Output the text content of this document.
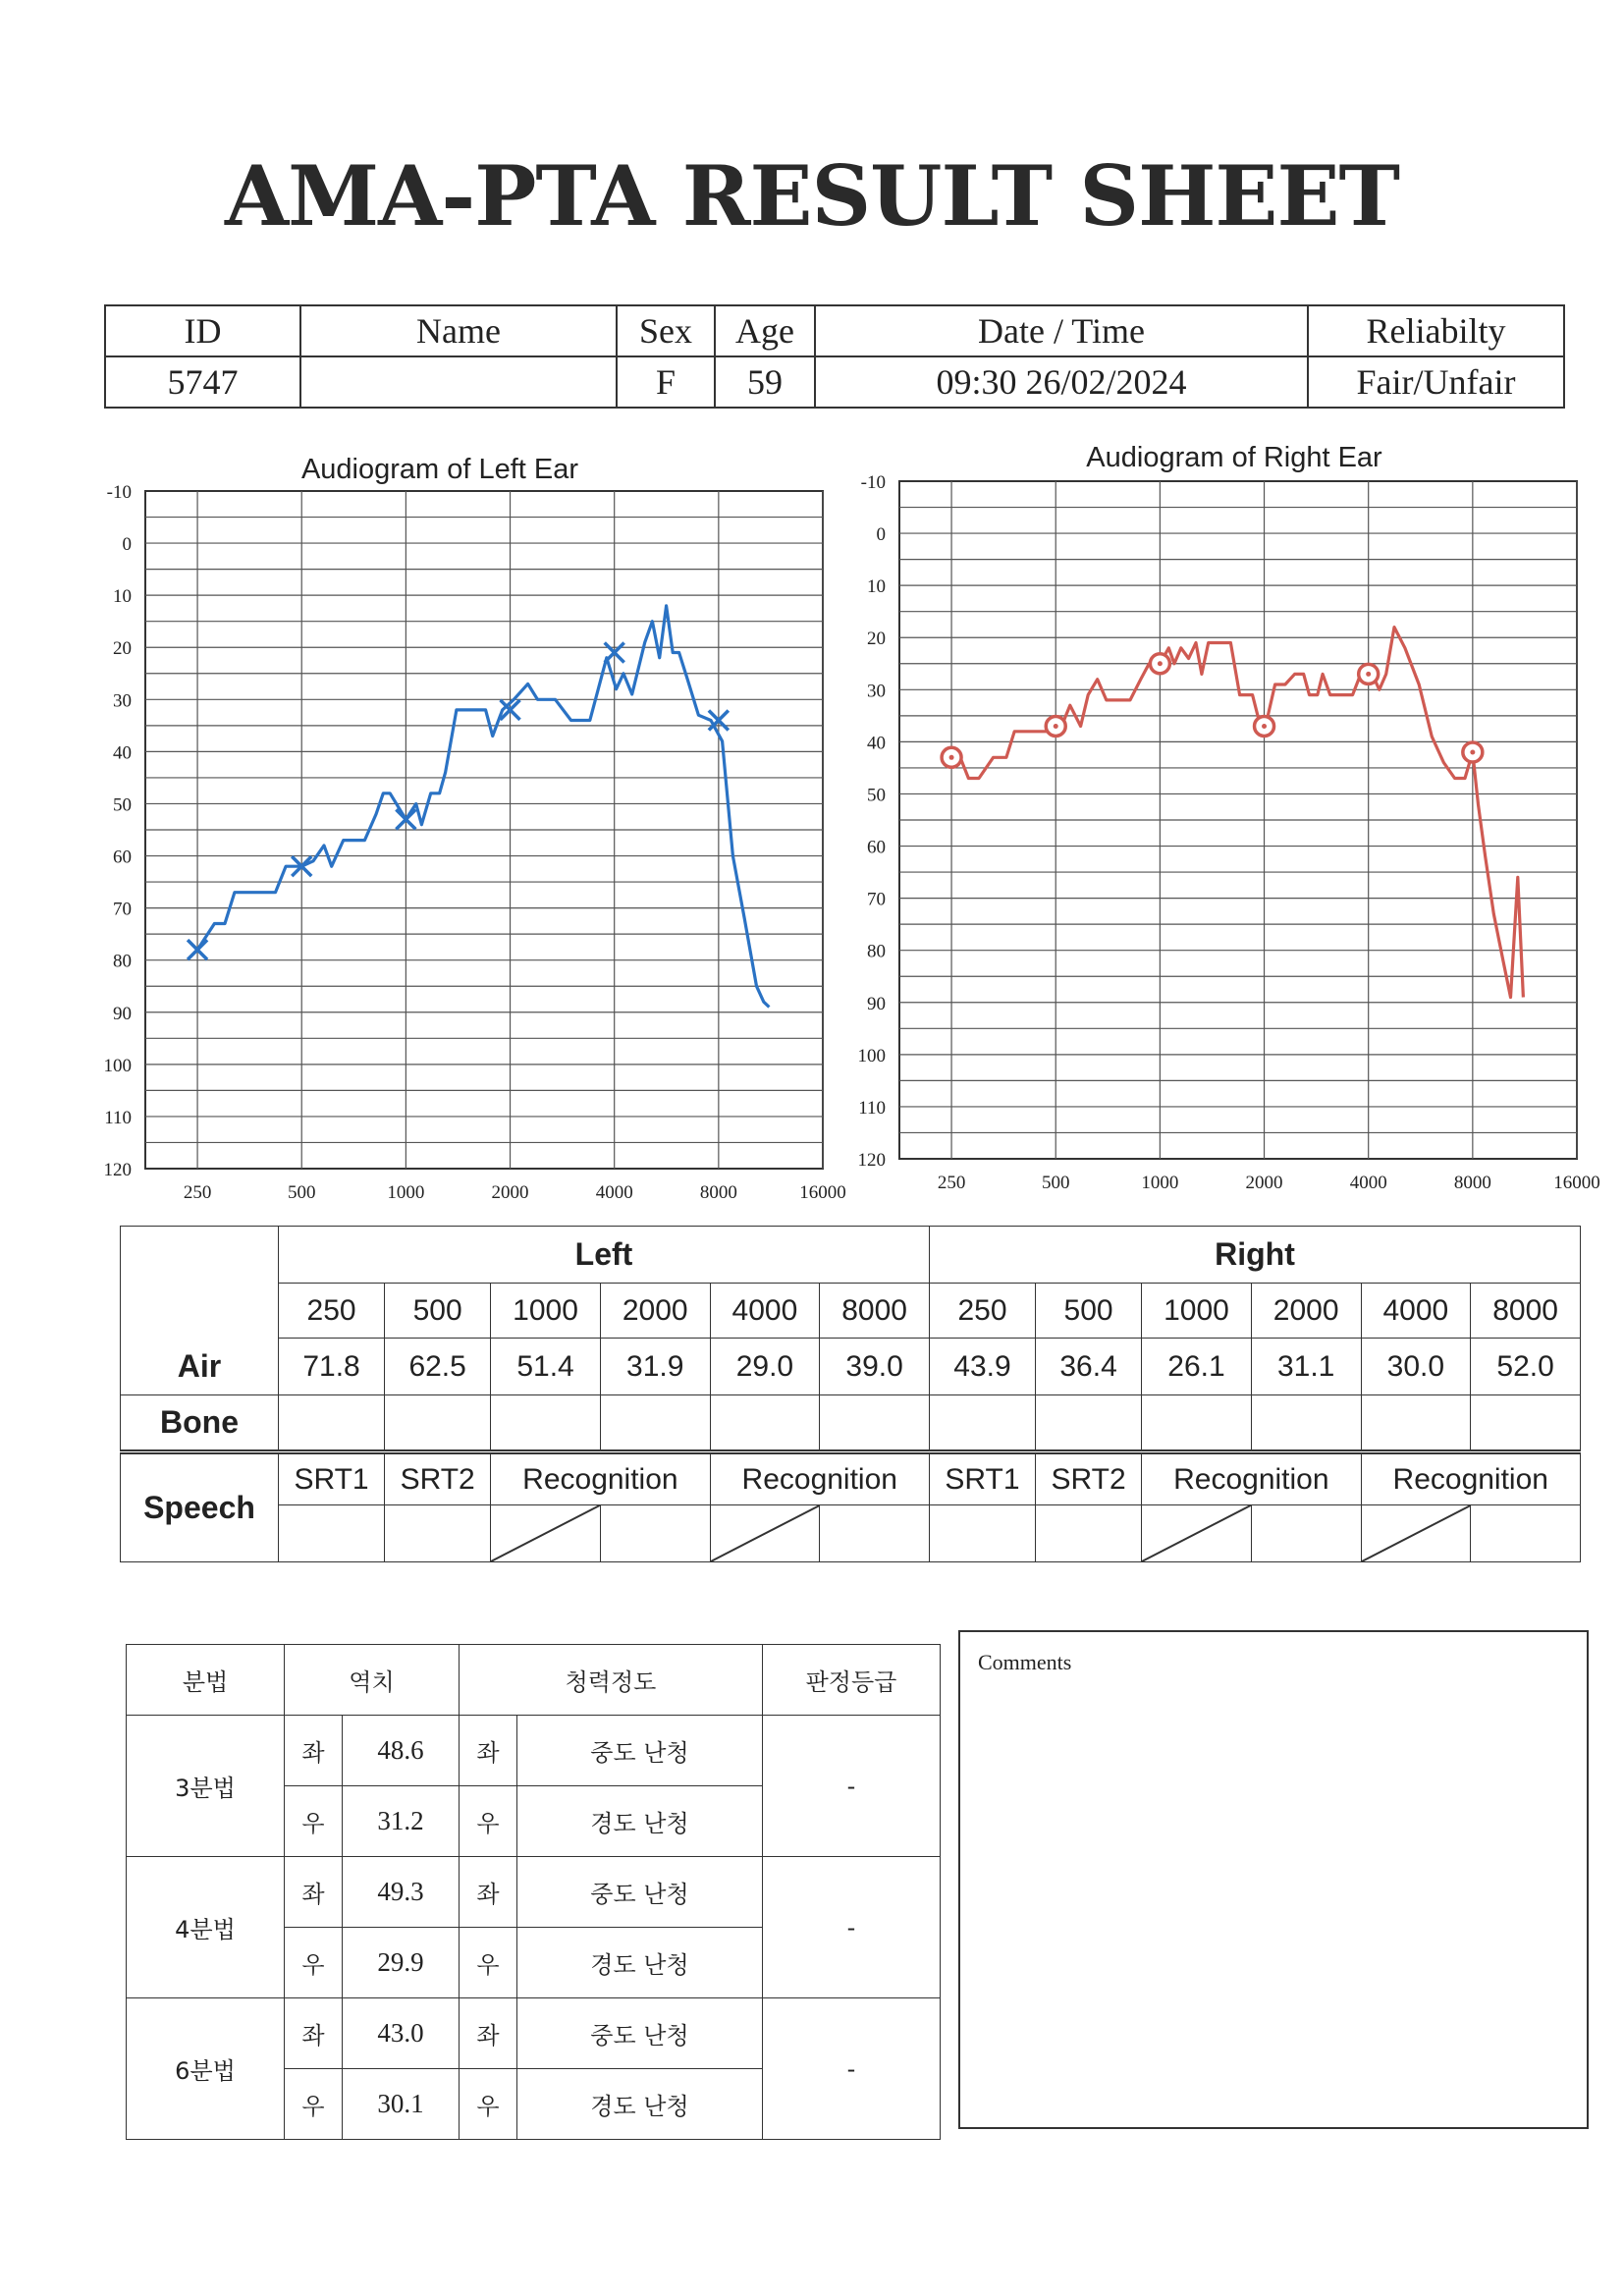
AMA-PTA RESULT SHEET
ID	Name	Sex	Age	Date / Time	Reliabilty
5747		F	59	09:30 26/02/2024	Fair/Unfair
Audiogram of Left Ear	Audiogram of Right Ear
250	500	1000	2000	4000	8000	16000
-10
0
10
20
30
40
50
60
70
80
90
100
110
120
250	500	1000	2000	4000	8000	16000
-10
0
10
20
30
40
50
60
70
80
90
100
110
120
	Left						Right					
	250	500	1000	2000	4000	8000	250	500	1000	2000	4000	8000
Air	71.8	62.5	51.4	31.9	29.0	39.0	43.9	36.4	26.1	31.1	30.0	52.0
Bone												
Speech	SRT1	SRT2	Recognition		Recognition		SRT1	SRT2	Recognition		Recognition	

분법	역치		청력정도		판정등급
3분법	좌	48.6	좌	중도 난청	-
	우	31.2	우	경도 난청	
4분법	좌	49.3	좌	중도 난청	-
	우	29.9	우	경도 난청	
6분법	좌	43.0	좌	중도 난청	-
	우	30.1	우	경도 난청	
Comments
